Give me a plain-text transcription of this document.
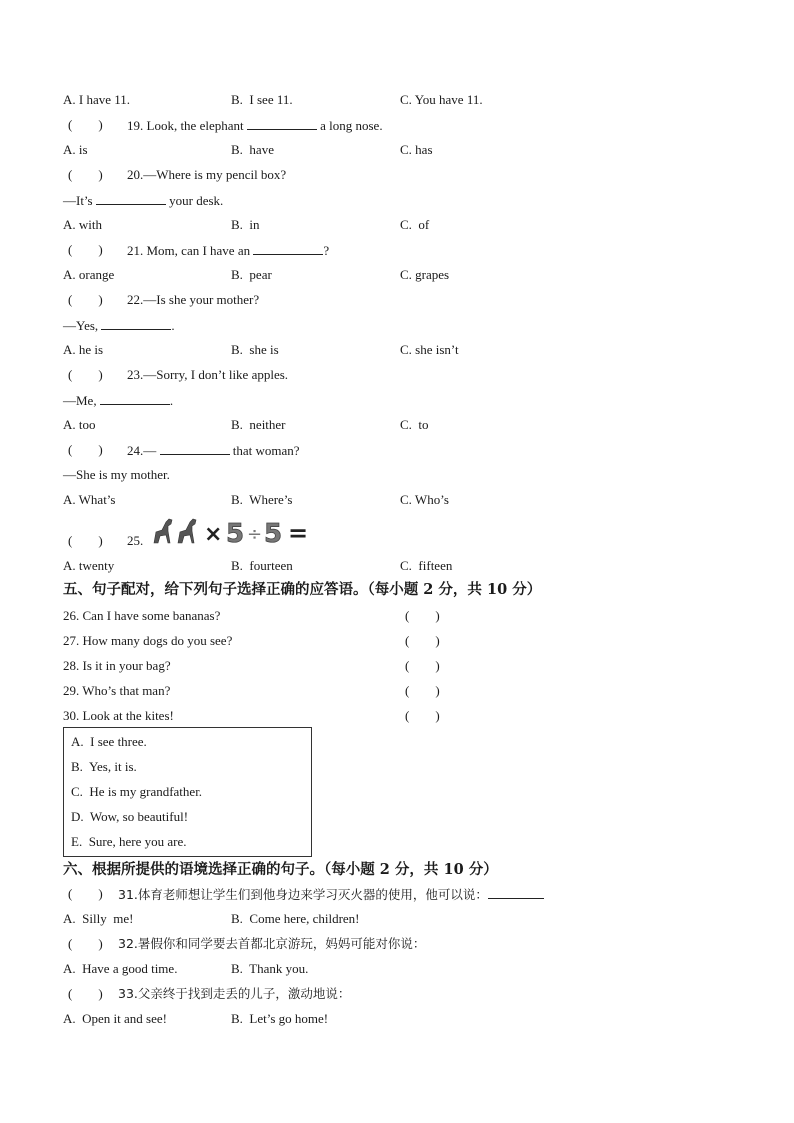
A. I have 11.	B.  I see 11.	C. You have 11.
(        ) 19. Look, the elephant	a long nose.
A. is	B.  have	C. has
(        ) 20.—Where is my pencil box?
—It’s	your desk.
A. with	B.  in	C.  of
(        ) 21. Mom, can I have an	?
A. orange	B.  pear	C. grapes
(        ) 22.—Is she your mother?
—Yes,	.
A. he is	B.  she is	C. she isn’t
(        ) 23.—Sorry, I don’t like apples.
—Me,	.
A. too	B.  neither	C.  to
(        ) 24.—	that woman?
—She is my mother.
A. What’s	B.  Where’s	C. Who’s
(        ) 25.	× 5 ÷ 5 =
A. twenty	B.  fourteen	C.  fifteen
五、句子配对，给下列句子选择正确的应答语。（每小题 2 分，共 10 分）
26. Can I have some bananas?	(        )
27. How many dogs do you see?	(        )
28. Is it in your bag?	(        )
29. Who’s that man?	(        )
30. Look at the kites!	(        )
A.  I see three.
B.  Yes, it is.
C.  He is my grandfather.
D.  Wow, so beautiful!
E.  Sure, here you are.
六、根据所提供的语境选择正确的句子。（每小题 2 分，共 10 分）
(        ) 31.体育老师想让学生们到他身边来学习灭火器的使用，他可以说：
A.  Silly  me!	B.  Come here, children!
(        ) 32.暑假你和同学要去首都北京游玩，妈妈可能对你说：
A.  Have a good time.	B.  Thank you.
(        ) 33.父亲终于找到走丢的儿子，激动地说：
A.  Open it and see!	B.  Let’s go home!
